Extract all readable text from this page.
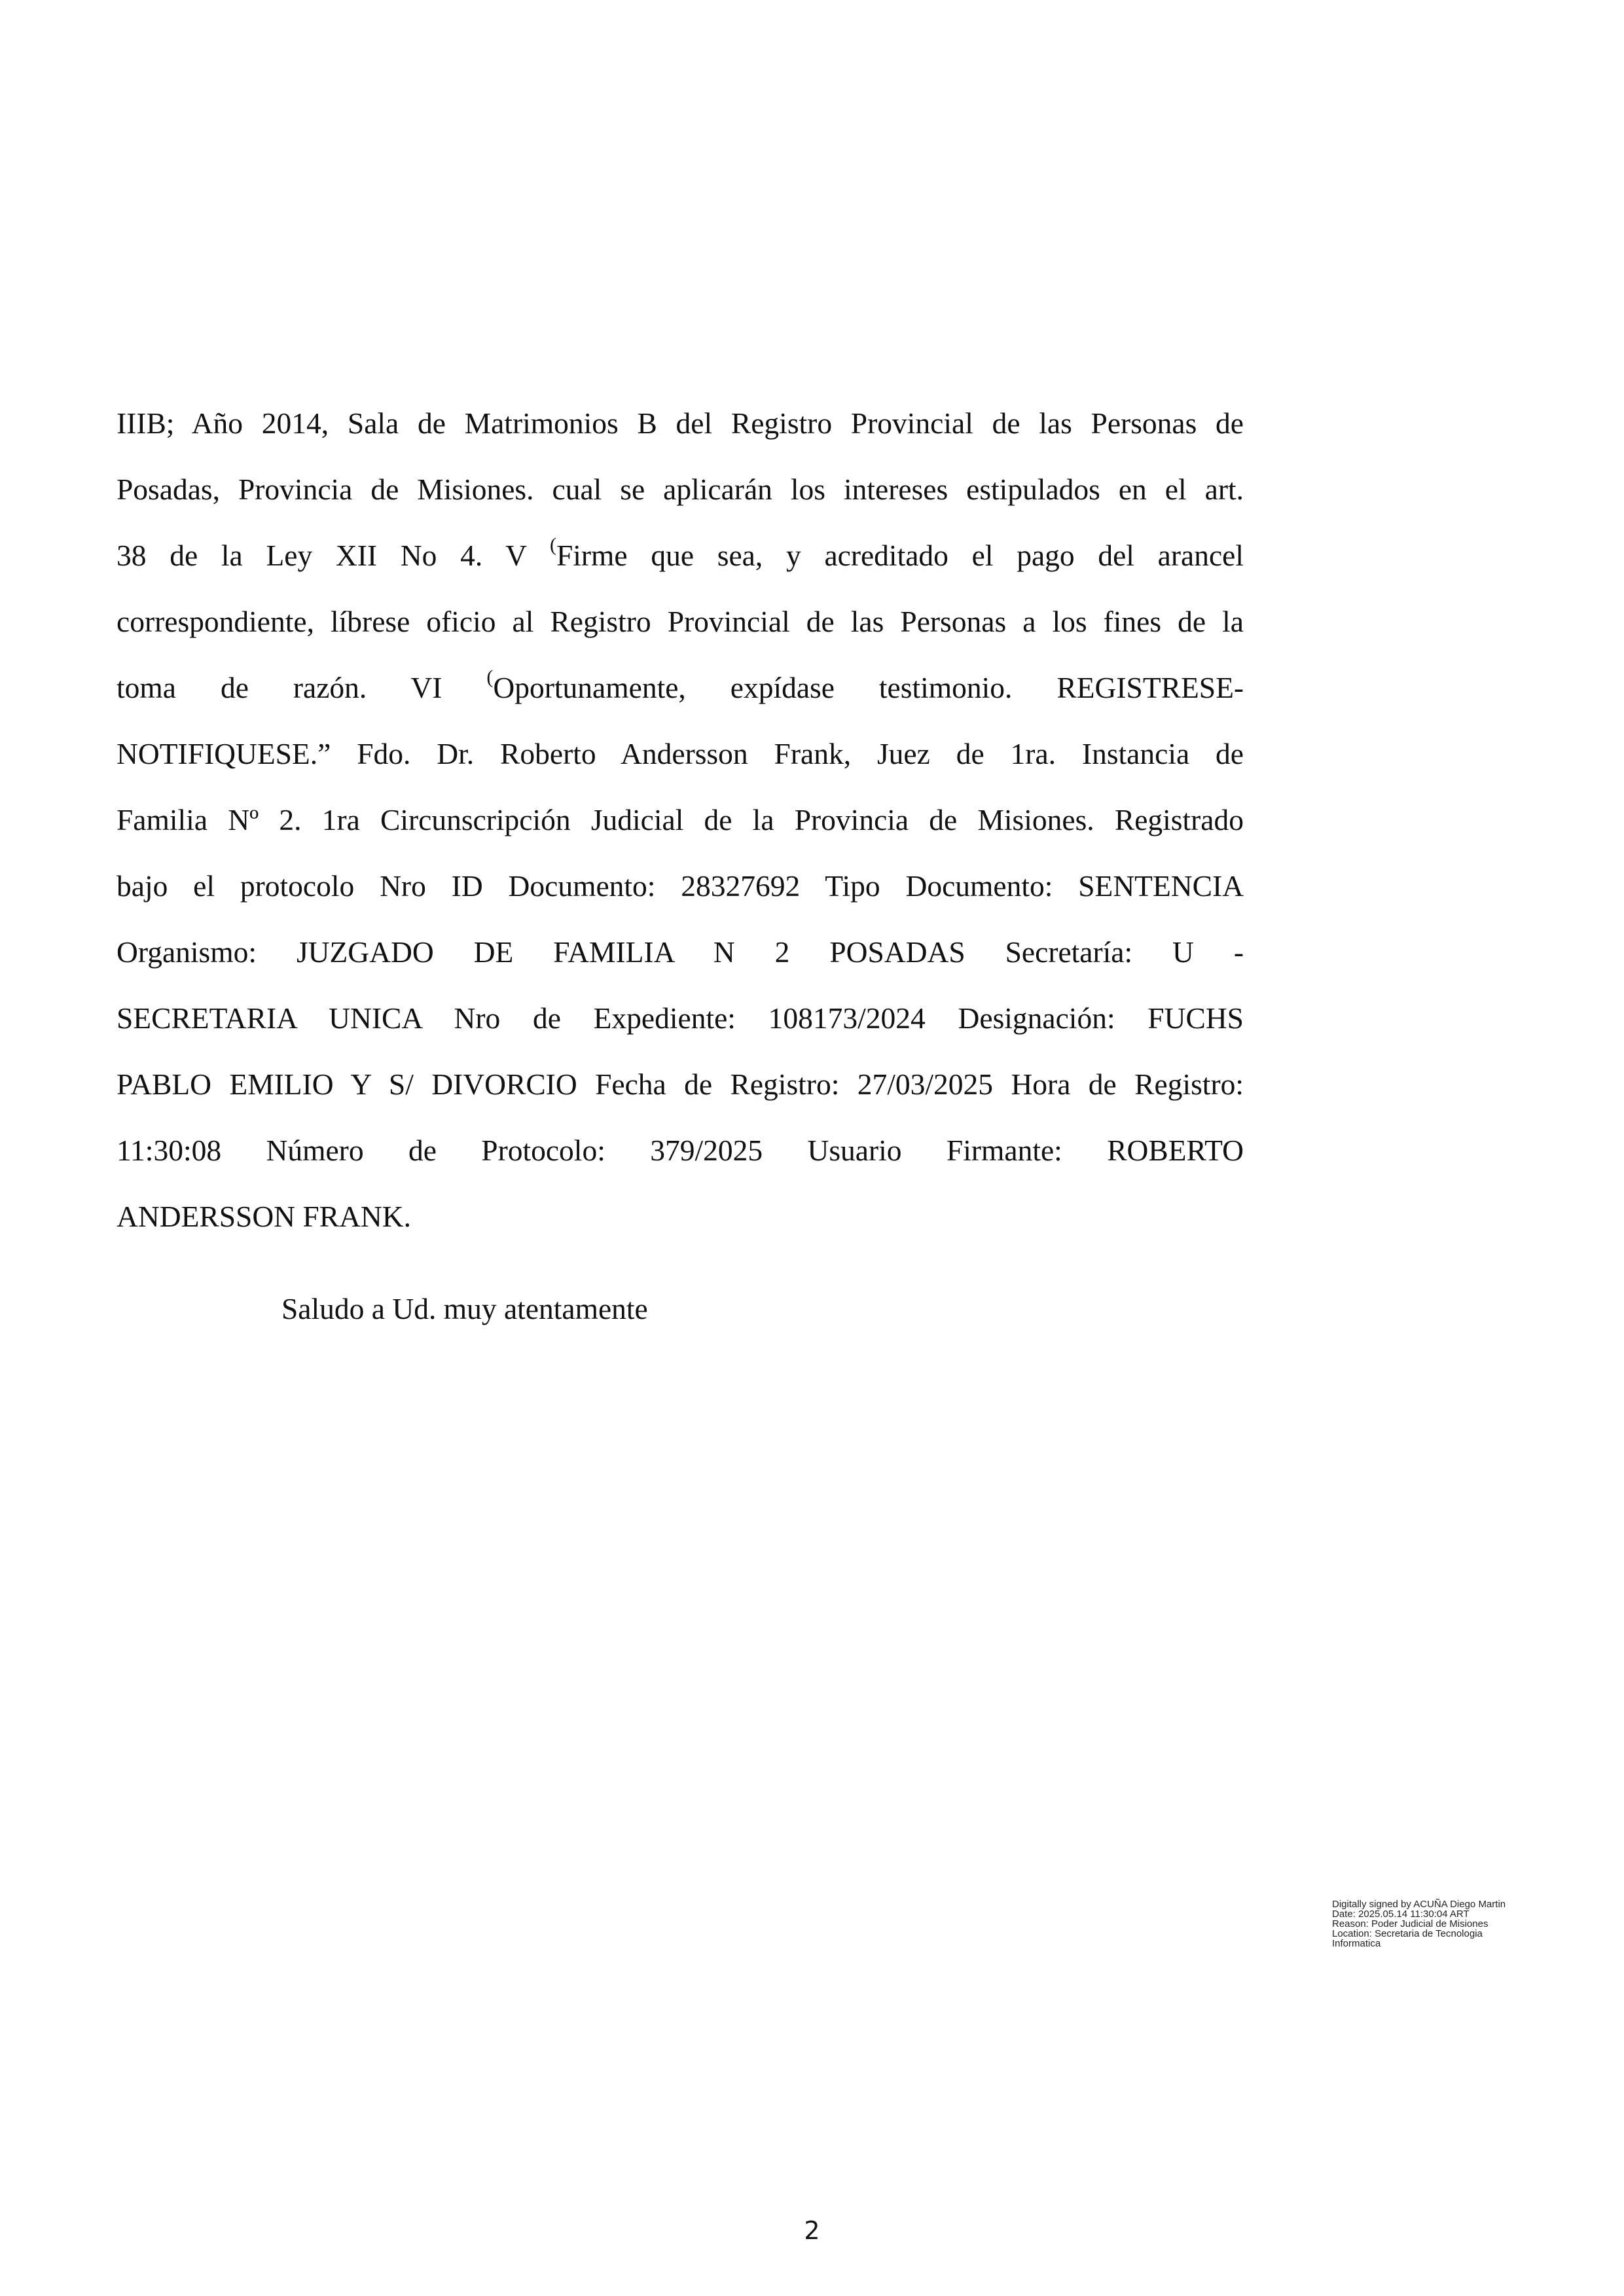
IIIB; Año 2014, Sala de Matrimonios B del Registro Provincial de las Personas de
Posadas, Provincia de Misiones. cual se aplicarán los intereses estipulados en el art.
38 de la Ley XII No 4. V (Firme que sea, y acreditado el pago del arancel
correspondiente, líbrese oficio al Registro Provincial de las Personas a los fines de la
toma de razón. VI (Oportunamente, expídase testimonio. REGISTRESE-
NOTIFIQUESE.” Fdo. Dr. Roberto Andersson Frank, Juez de 1ra. Instancia de
Familia Nº 2. 1ra Circunscripción Judicial de la Provincia de Misiones. Registrado
bajo el protocolo Nro ID Documento: 28327692 Tipo Documento: SENTENCIA
Organismo: JUZGADO DE FAMILIA N 2 POSADAS Secretaría: U -
SECRETARIA UNICA Nro de Expediente: 108173/2024 Designación: FUCHS
PABLO EMILIO Y S/ DIVORCIO Fecha de Registro: 27/03/2025 Hora de Registro:
11:30:08 Número de Protocolo: 379/2025 Usuario Firmante: ROBERTO
ANDERSSON FRANK.
Saludo a Ud. muy atentamente
Digitally signed by ACUÑA Diego Martin
Date: 2025.05.14 11:30:04 ART
Reason: Poder Judicial de Misiones
Location: Secretaria de Tecnologia
Informatica
2
